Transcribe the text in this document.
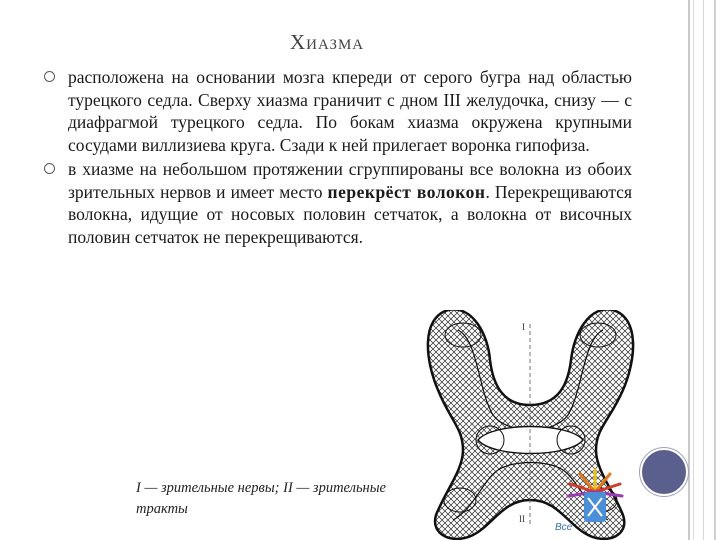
Хиазма
расположена на основании мозга кпереди от серого бугра над областью турецкого седла. Сверху хиазма граничит с дном III желудочка, снизу — с диафрагмой турецкого седла. По бокам хиазма окружена крупными сосудами виллизиева круга. Сзади к ней прилегает воронка гипофиза.
в хиазме на небольшом протяжении сгруппированы все волокна из обоих зрительных нервов и имеет место перекрёст волокон. Перекрещиваются волокна, идущие от носовых половин сетчаток, а волокна от височных половин сетчаток не перекрещиваются.
I
II
I — зрительные нервы; II — зрительные тракты
Все
